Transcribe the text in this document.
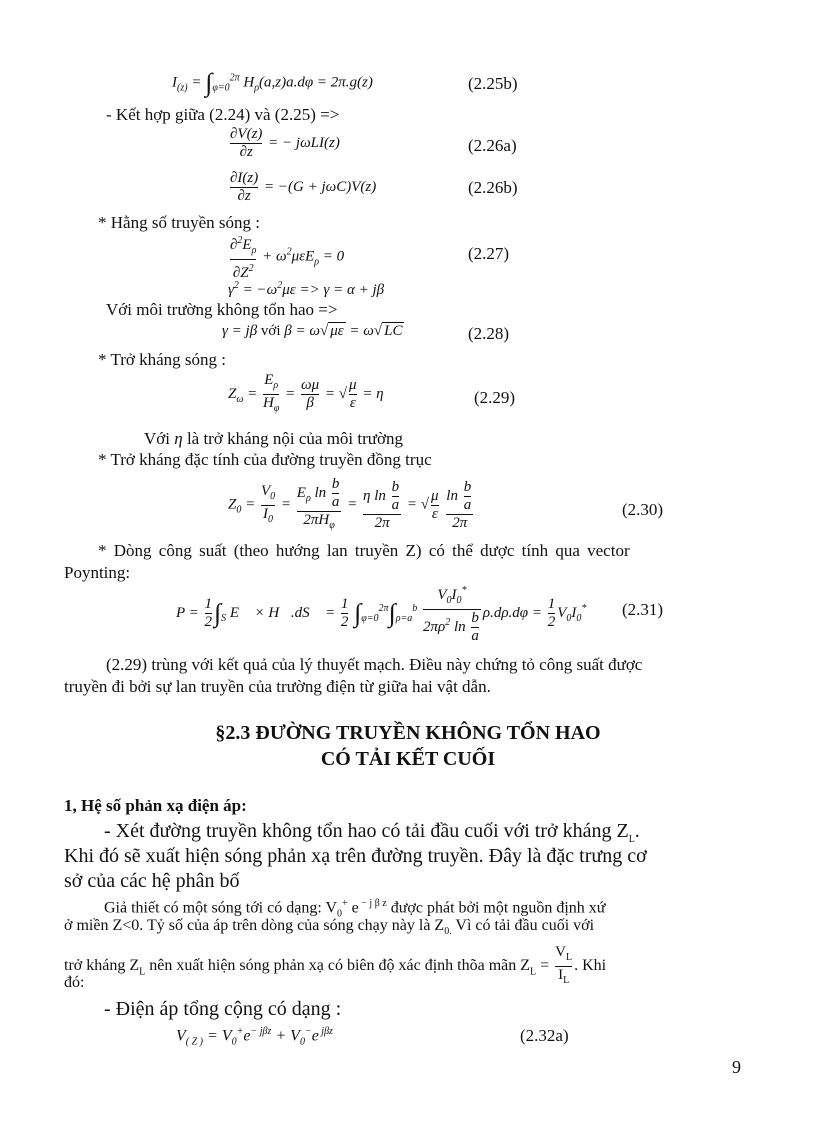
$I_{(z)} = \int_{\varphi=0}^{2\pi}$ $H_\rho(a,z)a.d\varphi = 2\pi.g(z)$	(2.25b)
- Kết hợp giữa (2.24) và (2.25) =>
$\frac{\partial V(z)}{\partial z}$ = − jωLI(z)	(2.26a)
$\frac{\partial I(z)}{\partial z} = -(G + j\omega C)V(z)$	(2.26b)
* Hằng số truyền sóng :
$\frac{\partial^2E_\rho}{\partial Z^2} + \omega^2\mu\varepsilon E_\rho = 0$	(2.27)
$\gamma^2 = -\omega^2\mu\varepsilon => \gamma = \alpha + j\beta$
Với môi trường không tổn hao =>
γ = jβ với β = ω√ με = ω√ LC	(2.28)
* Trở kháng sóng :
$Z_\omega = \frac{E_\rho}{H_\varphi} = \frac{\omega\mu}{\beta}$ = √ $\frac{\mu}{\varepsilon} = \eta$	(2.29)
Với η là trở kháng nội của môi trường
* Trở kháng đặc tính của đường truyền đồng trục
$Z_0 = \frac{V_0}{I_0} = \frac{E_\rho \ln \frac{b}{a}}{2\pi H_\varphi} = \frac{\eta \ln \frac{b}{a}}{2\pi}$ = √ $\frac{\mu}{\varepsilon}$
$\frac{\ln \frac{b}{a}}{2\pi}$	(2.30)
* Dòng công suất (theo hướng lan truyền Z) có thể dược tính qua vector
Poynting:
$P = \frac{1}{2} \int_S$ E⃗ × H⃗.dS⃗ = $\frac{1}{2} \int_{\varphi=0}^{2\pi}\int_{\rho=a}^b \frac{V_0I_0^*}{2\pi\rho^2 \ln \frac{b}{a}} \rho.d\rho.d\varphi = \frac{1}{2} V_0I_0^*$ (2.31)
(2.29) trùng với kết quả của lý thuyết mạch. Điều này chứng tỏ công suất được
truyền đi bởi sự lan truyền của trường điện từ giữa hai vật dẫn.
§2.3 ĐƯỜNG TRUYỀN KHÔNG TỔN HAO
CÓ TẢI KẾT CUỐI
1, Hệ số phản xạ điện áp:
- Xét đường truyền không tổn hao có tải đầu cuối với trở kháng $Z_L$.
Khi đó sẽ xuất hiện sóng phản xạ trên đường truyền. Đây là đặc trưng cơ
sở của các hệ phân bố
Giả thiết có một sóng tới có dạng: $V_0^+$ e $^{- j \beta z}$ được phát bởi một nguồn định xứ
ở miền Z<0. Tỷ số của áp trên dòng của sóng chạy này là $Z_{0.}$ Vì có tải đầu cuối với
trở kháng $Z_L$ nên xuất hiện sóng phản xạ có biên độ xác định thõa mãn $Z_L = \frac{V_L}{I_L}$ . Khi
đó:
- Điện áp tổng cộng có dạng :
$V_{( Z )} = V_0^+e^{- j\beta z} + V_0^-e$ $^{j\beta z}$	(2.32a)
9
